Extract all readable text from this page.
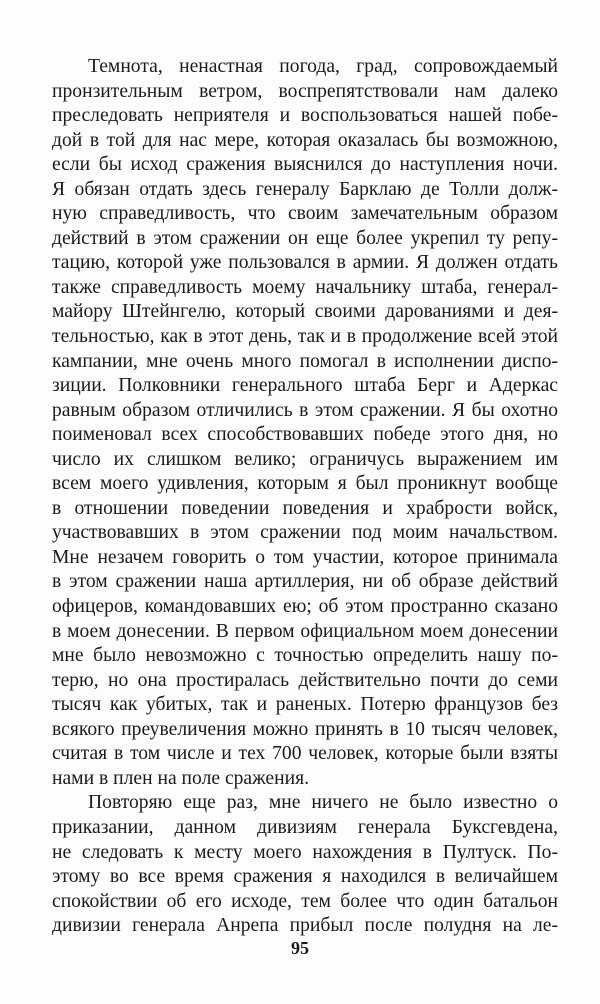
Темнота, ненастная погода, град, сопровождаемый
пронзительным ветром, воспрепятствовали нам далеко
преследовать неприятеля и воспользоваться нашей побе-
дой в той для нас мере, которая оказалась бы возможною,
если бы исход сражения выяснился до наступления ночи.
Я обязан отдать здесь генералу Барклаю де Толли долж-
ную справедливость, что своим замечательным образом
действий в этом сражении он еще более укрепил ту репу-
тацию, которой уже пользовался в армии. Я должен отдать
также справедливость моему начальнику штаба, генерал-
майору Штейнгелю, который своими дарованиями и дея-
тельностью, как в этот день, так и в продолжение всей этой
кампании, мне очень много помогал в исполнении диспо-
зиции. Полковники генерального штаба Берг и Адеркас
равным образом отличились в этом сражении. Я бы охотно
поименовал всех способствовавших победе этого дня, но
число их слишком велико; ограничусь выражением им
всем моего удивления, которым я был проникнут вообще
в отношении поведении поведения и храбрости войск,
участвовавших в этом сражении под моим начальством.
Мне незачем говорить о том участии, которое принимала
в этом сражении наша артиллерия, ни об образе действий
офицеров, командовавших ею; об этом пространно сказано
в моем донесении. В первом официальном моем донесении
мне было невозможно с точностью определить нашу по-
терю, но она простиралась действительно почти до семи
тысяч как убитых, так и раненых. Потерю французов без
всякого преувеличения можно принять в 10 тысяч человек,
считая в том числе и тех 700 человек, которые были взяты
нами в плен на поле сражения.

Повторяю еще раз, мне ничего не было известно о
приказании, данном дивизиям генерала Буксгевдена,
не следовать к месту моего нахождения в Пултуск. По-
этому во все время сражения я находился в величайшем
спокойствии об его исходе, тем более что один батальон
дивизии генерала Анрепа прибыл после полудня на ле-

95
